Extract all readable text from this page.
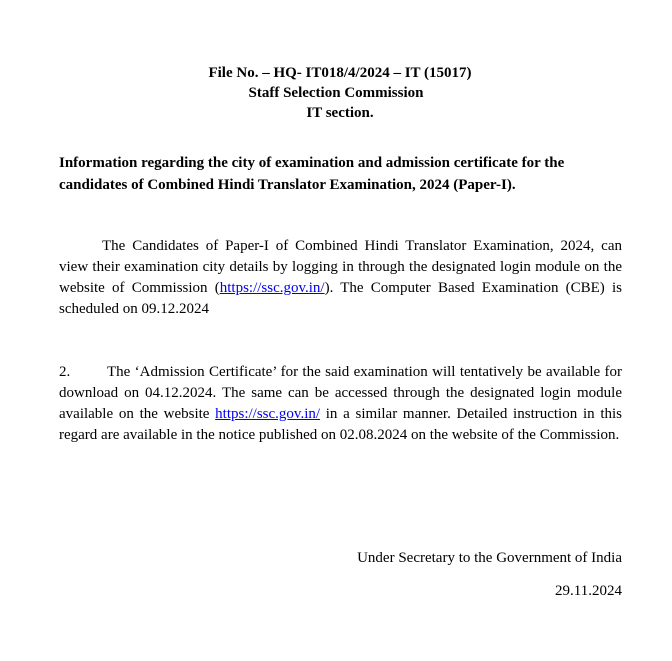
File No. – HQ- IT018/4/2024 – IT (15017)
Staff Selection Commission
IT section.
Information regarding the city of examination and admission certificate for the candidates of Combined Hindi Translator Examination, 2024 (Paper-I).
The Candidates of Paper-I of Combined Hindi Translator Examination, 2024, can view their examination city details by logging in through the designated login module on the website of Commission (https://ssc.gov.in/). The Computer Based Examination (CBE) is scheduled on 09.12.2024
2. The ‘Admission Certificate’ for the said examination will tentatively be available for download on 04.12.2024. The same can be accessed through the designated login module available on the website https://ssc.gov.in/ in a similar manner. Detailed instruction in this regard are available in the notice published on 02.08.2024 on the website of the Commission.
Under Secretary to the Government of India
29.11.2024
